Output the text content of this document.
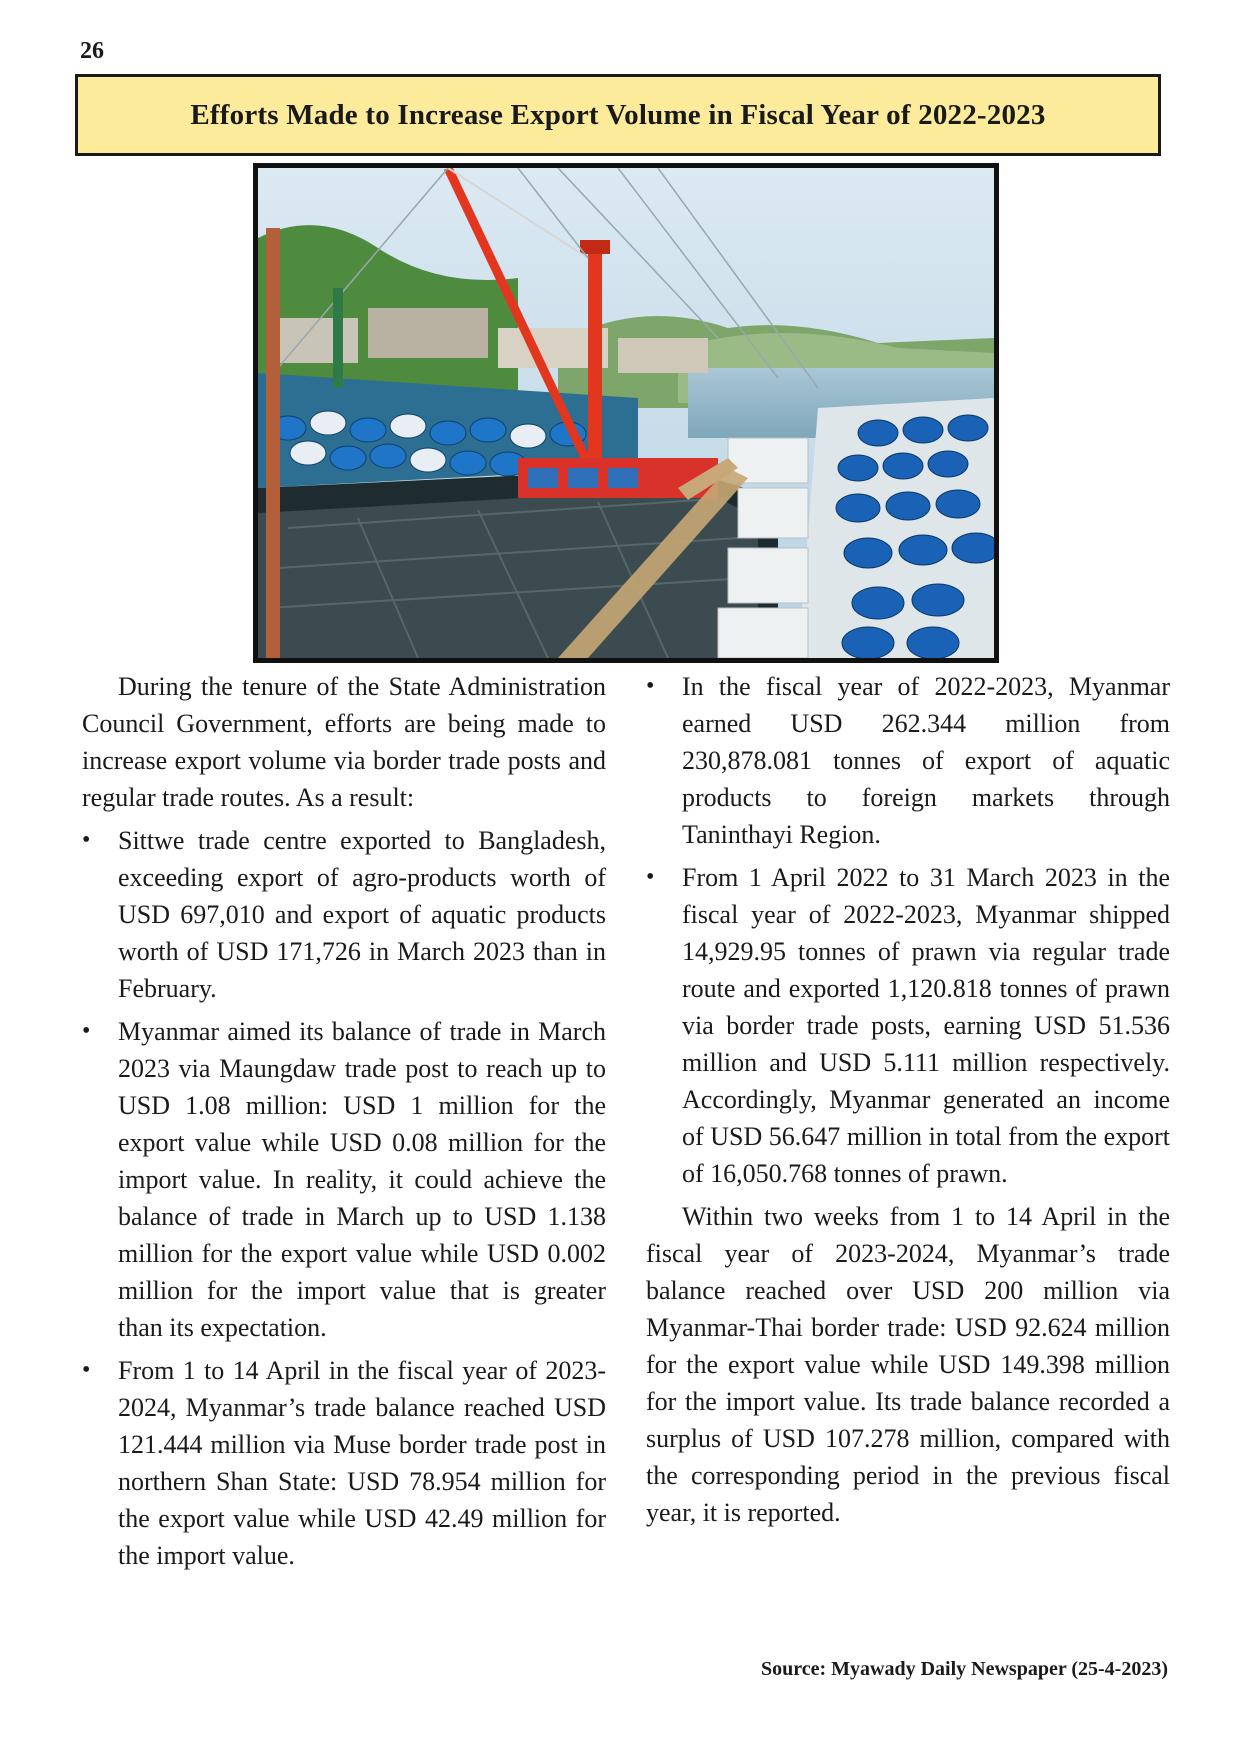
26
Efforts Made to Increase Export Volume in Fiscal Year of 2022-2023

During the tenure of the State Administration Council Government, efforts are being made to increase export volume via border trade posts and regular trade routes. As a result:

• Sittwe trade centre exported to Bangladesh, exceeding export of agro-products worth of USD 697,010 and export of aquatic products worth of USD 171,726 in March 2023 than in February.
• Myanmar aimed its balance of trade in March 2023 via Maungdaw trade post to reach up to USD 1.08 million: USD 1 million for the export value while USD 0.08 million for the import value. In reality, it could achieve the balance of trade in March up to USD 1.138 million for the export value while USD 0.002 million for the import value that is greater than its expectation.
• From 1 to 14 April in the fiscal year of 2023-2024, Myanmar’s trade balance reached USD 121.444 million via Muse border trade post in northern Shan State: USD 78.954 million for the export value while USD 42.49 million for the import value.
• In the fiscal year of 2022-2023, Myanmar earned USD 262.344 million from 230,878.081 tonnes of export of aquatic products to foreign markets through Taninthayi Region.
• From 1 April 2022 to 31 March 2023 in the fiscal year of 2022-2023, Myanmar shipped 14,929.95 tonnes of prawn via regular trade route and exported 1,120.818 tonnes of prawn via border trade posts, earning USD 51.536 million and USD 5.111 million respectively. Accordingly, Myanmar generated an income of USD 56.647 million in total from the export of 16,050.768 tonnes of prawn.

Within two weeks from 1 to 14 April in the fiscal year of 2023-2024, Myanmar’s trade balance reached over USD 200 million via Myanmar-Thai border trade: USD 92.624 million for the export value while USD 149.398 million for the import value. Its trade balance recorded a surplus of USD 107.278 million, compared with the corresponding period in the previous fiscal year, it is reported.

Source: Myawady Daily Newspaper (25-4-2023)
